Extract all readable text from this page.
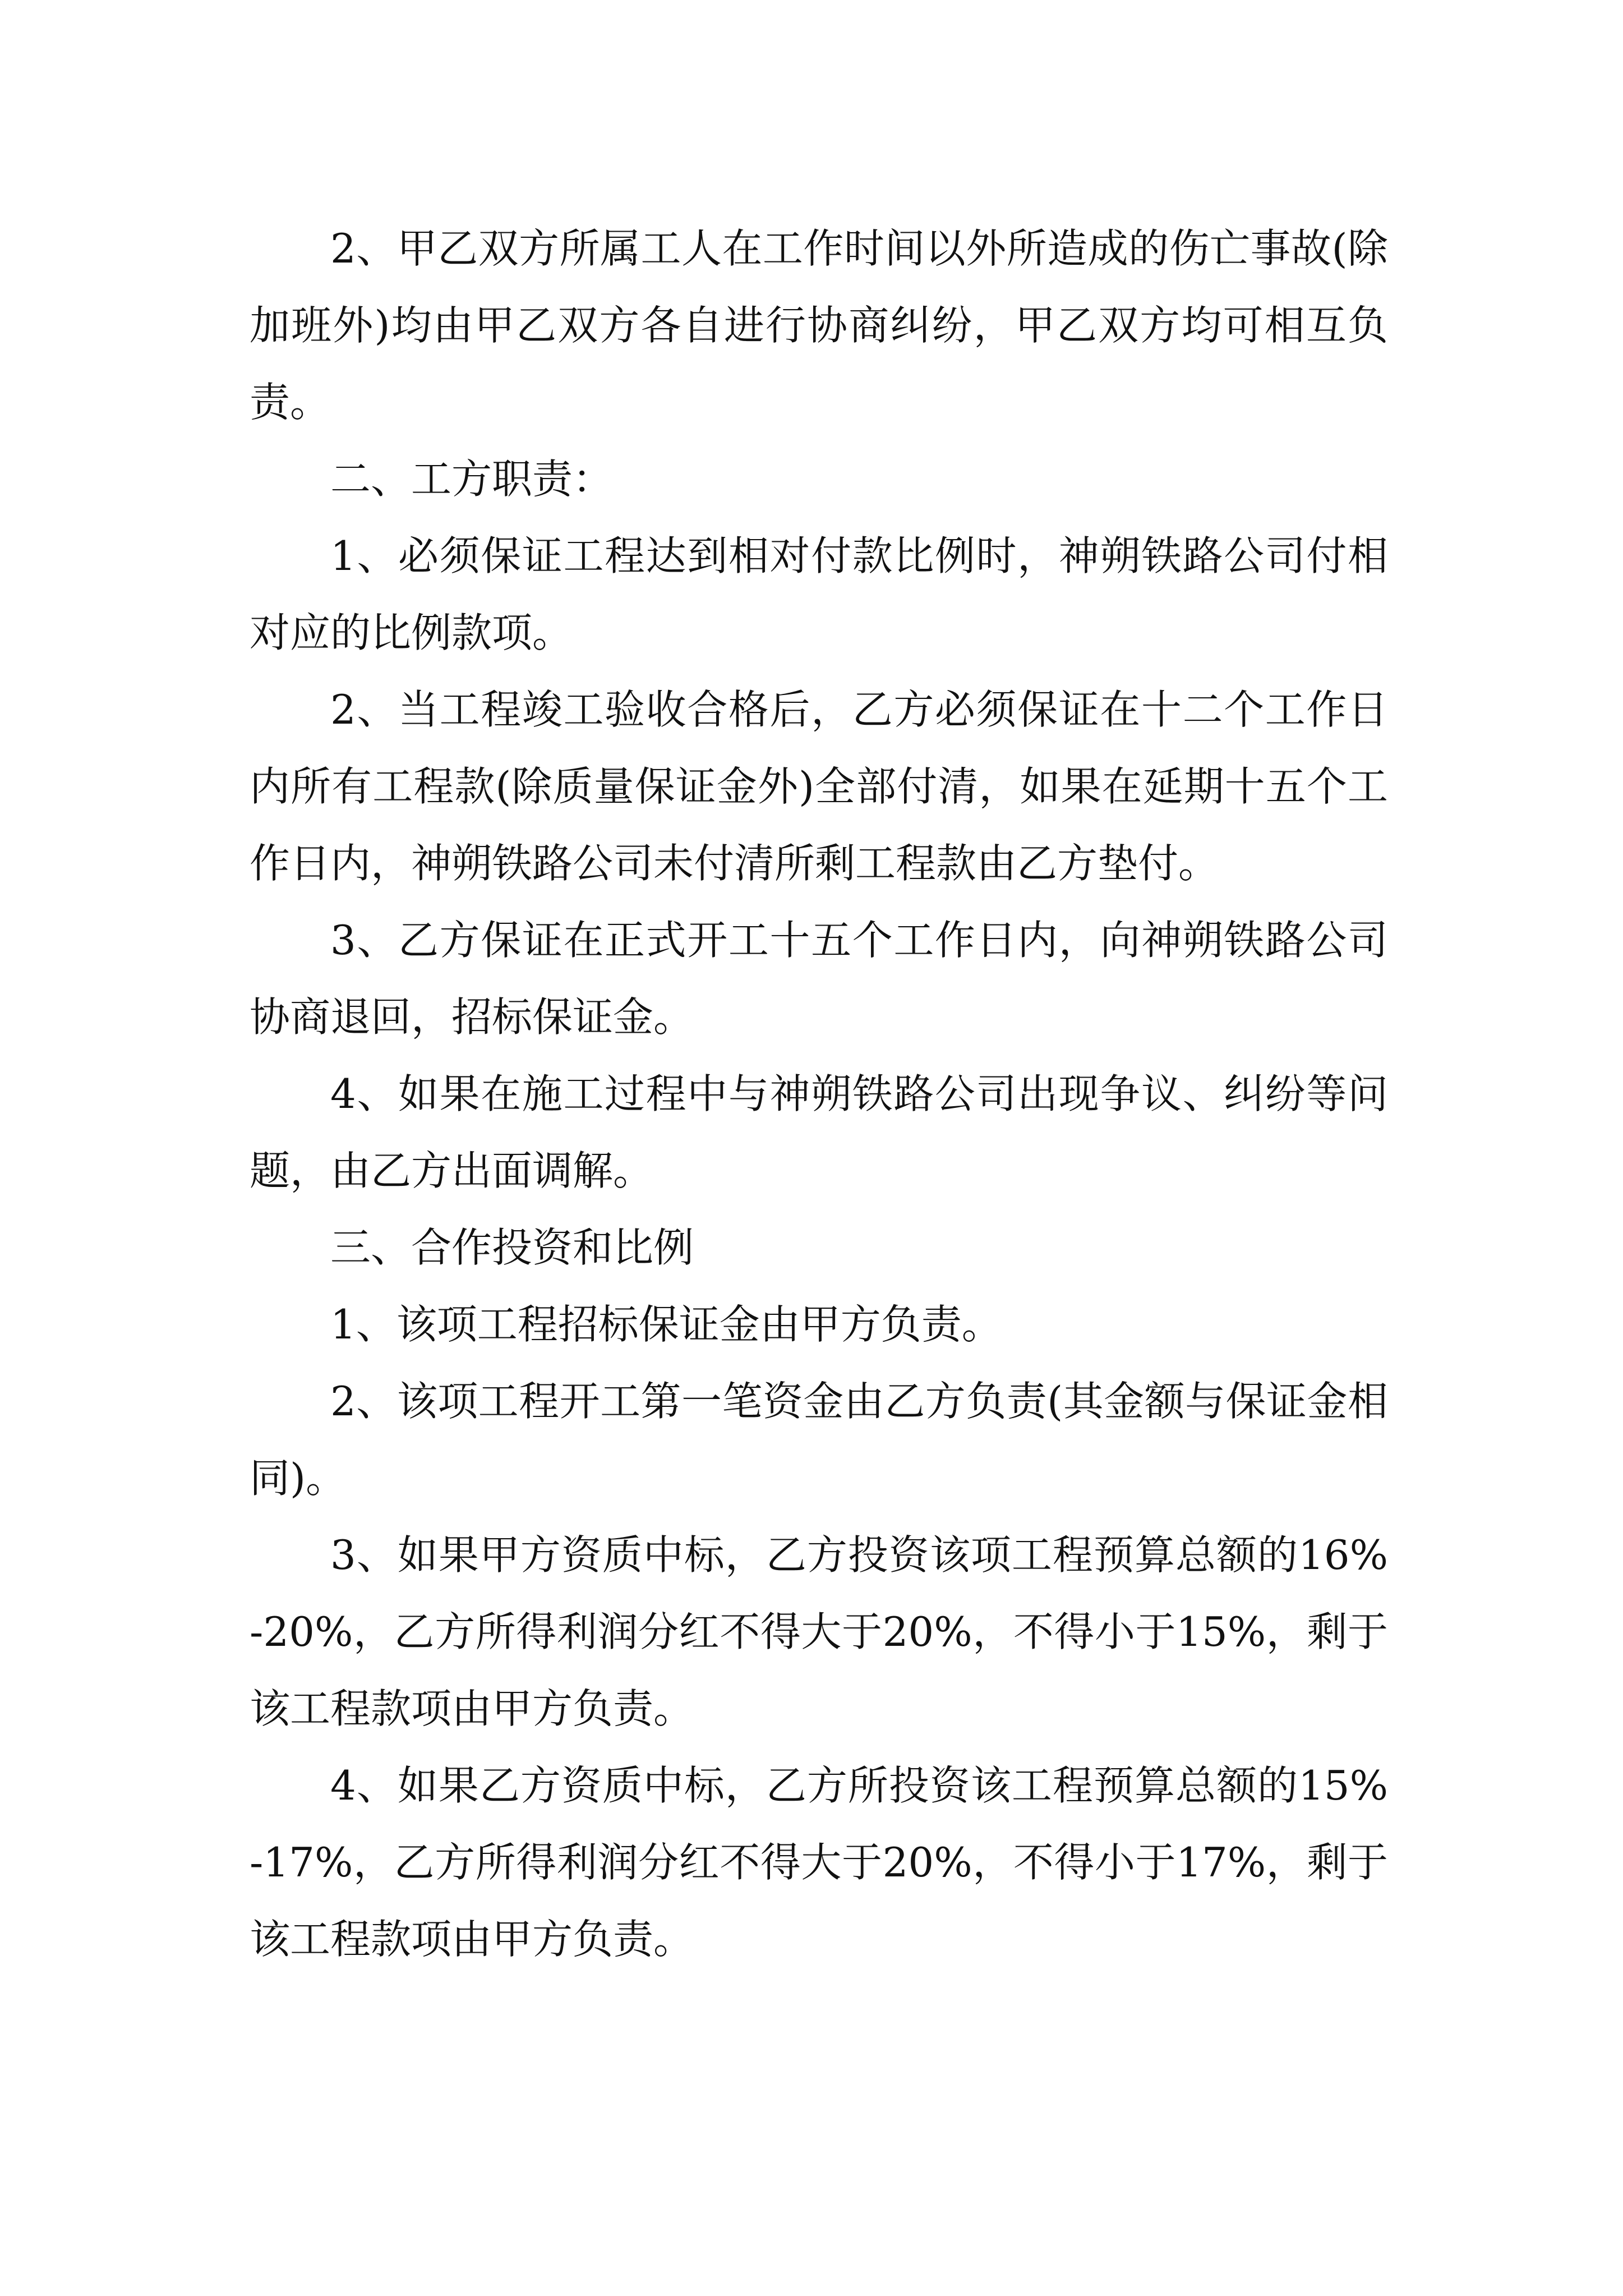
2、甲乙双方所属工人在工作时间以外所造成的伤亡事故(除加班外)均由甲乙双方各自进行协商纠纷，甲乙双方均可相互负责。

二、工方职责：

1、必须保证工程达到相对付款比例时，神朔铁路公司付相对应的比例款项。

2、当工程竣工验收合格后，乙方必须保证在十二个工作日内所有工程款(除质量保证金外)全部付清，如果在延期十五个工作日内，神朔铁路公司未付清所剩工程款由乙方垫付。

3、乙方保证在正式开工十五个工作日内，向神朔铁路公司协商退回，招标保证金。

4、如果在施工过程中与神朔铁路公司出现争议、纠纷等问题，由乙方出面调解。

三、合作投资和比例

1、该项工程招标保证金由甲方负责。

2、该项工程开工第一笔资金由乙方负责(其金额与保证金相同)。

3、如果甲方资质中标，乙方投资该项工程预算总额的16%-20%，乙方所得利润分红不得大于20%，不得小于15%，剩于该工程款项由甲方负责。

4、如果乙方资质中标，乙方所投资该工程预算总额的15%-17%，乙方所得利润分红不得大于20%，不得小于17%，剩于该工程款项由甲方负责。
